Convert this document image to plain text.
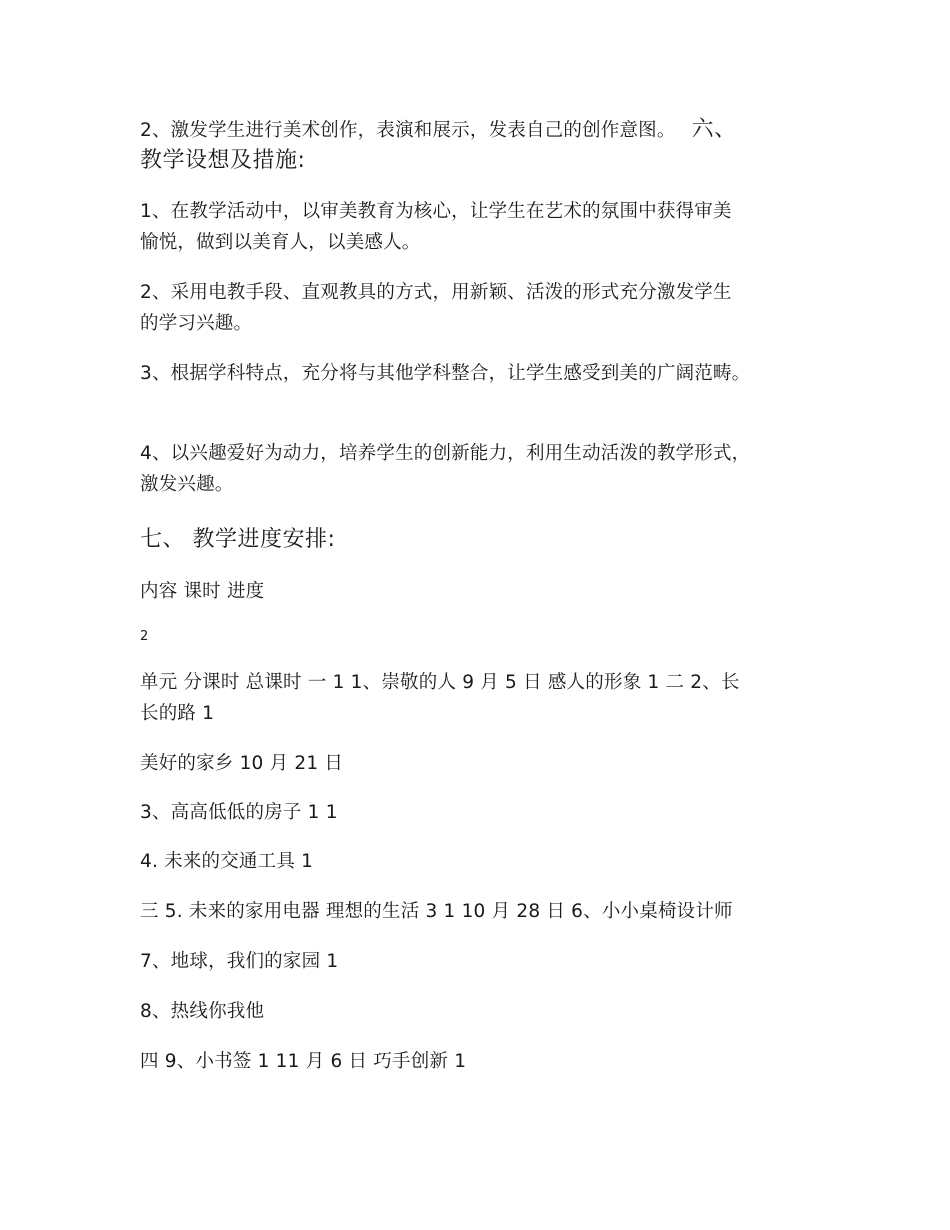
2、激发学生进行美术创作，表演和展示，发表自己的创作意图。 六、
教学设想及措施:
1、在教学活动中，以审美教育为核心，让学生在艺术的氛围中获得审美
愉悦，做到以美育人，以美感人。
2、采用电教手段、直观教具的方式，用新颖、活泼的形式充分激发学生
的学习兴趣。
3、根据学科特点，充分将与其他学科整合，让学生感受到美的广阔范畴。
4、以兴趣爱好为动力，培养学生的创新能力，利用生动活泼的教学形式，
激发兴趣。
七、 教学进度安排:
内容 课时 进度
2
单元 分课时 总课时 一 1 1、崇敬的人 9 月 5 日 感人的形象 1 二 2、长
长的路 1
美好的家乡 10 月 21 日
3、高高低低的房子 1 1
4. 未来的交通工具 1
三 5. 未来的家用电器 理想的生活 3 1 10 月 28 日 6、小小桌椅设计师
7、地球，我们的家园 1
8、热线你我他
四 9、小书签 1 11 月 6 日 巧手创新 1
